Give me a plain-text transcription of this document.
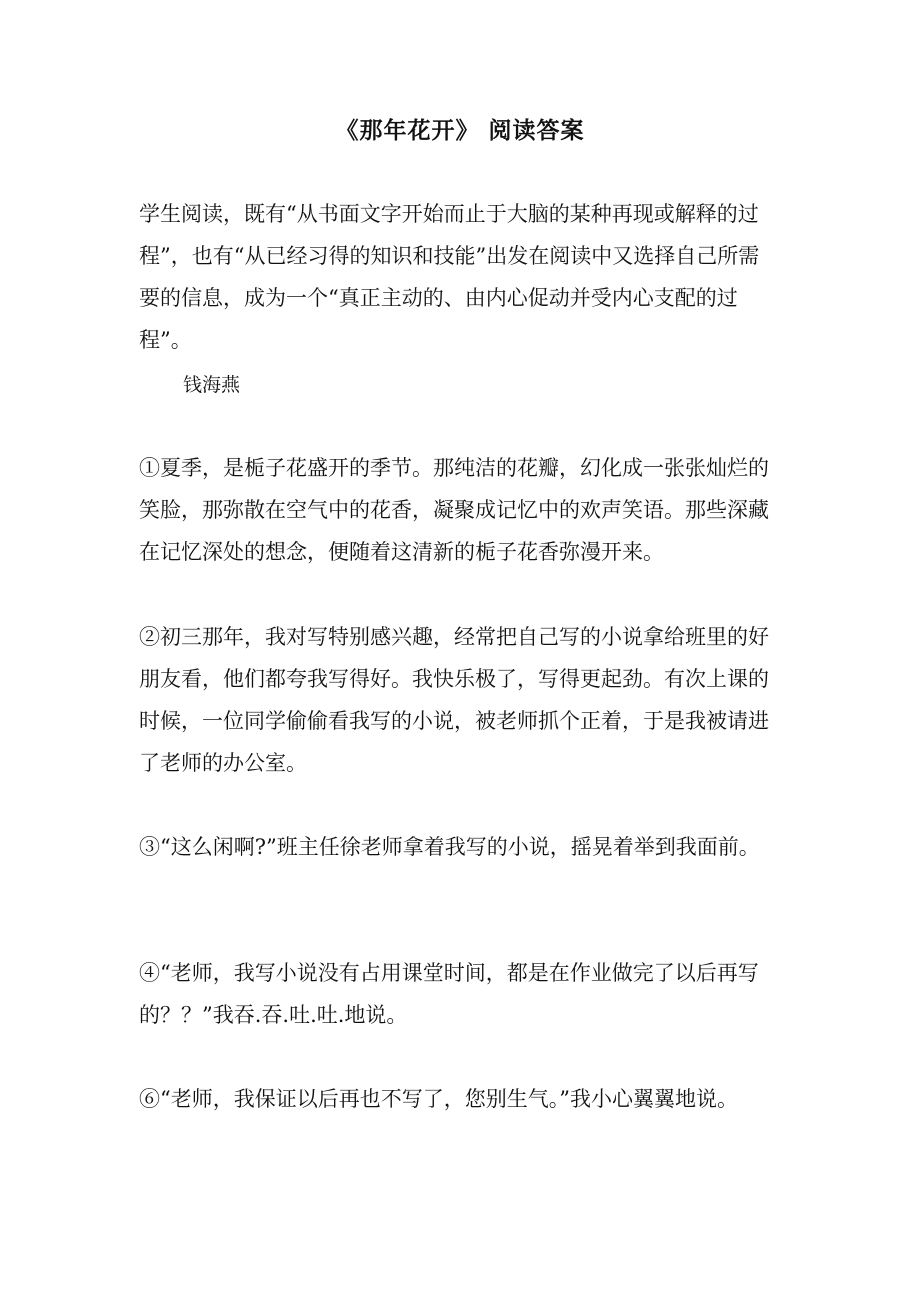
《那年花开》 阅读答案

学生阅读，既有“从书面文字开始而止于大脑的某种再现或解释的过程”，也有“从已经习得的知识和技能”出发在阅读中又选择自己所需要的信息，成为一个“真正主动的、由内心促动并受内心支配的过程”。

钱海燕

①夏季，是栀子花盛开的季节。那纯洁的花瓣，幻化成一张张灿烂的笑脸，那弥散在空气中的花香，凝聚成记忆中的欢声笑语。那些深藏在记忆深处的想念，便随着这清新的栀子花香弥漫开来。

②初三那年，我对写特别感兴趣，经常把自己写的小说拿给班里的好朋友看，他们都夸我写得好。我快乐极了，写得更起劲。有次上课的时候，一位同学偷偷看我写的小说，被老师抓个正着，于是我被请进了老师的办公室。

③“这么闲啊?”班主任徐老师拿着我写的小说，摇晃着举到我面前。

④“老师，我写小说没有占用课堂时间，都是在作业做完了以后再写的？？”我吞.吞.吐.吐.地说。

⑥“老师，我保证以后再也不写了，您别生气。”我小心翼翼地说。
